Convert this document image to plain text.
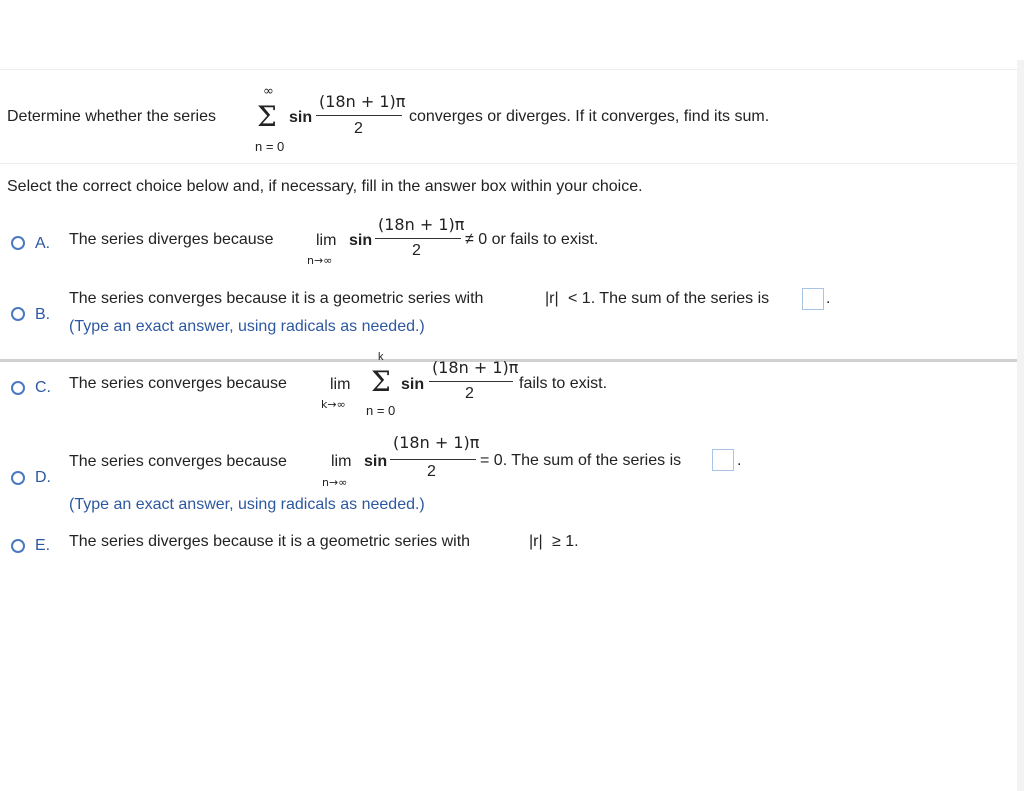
Determine whether the series
∞
Σ
n = 0
sin
(18n + 1)π
2
converges or diverges. If it converges, find its sum.
Select the correct choice below and, if necessary, fill in the answer box within your choice.
A. The series diverges because	lim
n→∞
sin
(18n + 1)π
2
≠ 0 or fails to exist.
B.
The series converges because it is a geometric series with	|r| < 1. The sum of the series is	.
(Type an exact answer, using radicals as needed.)
C. The series converges because	lim
k→∞
k
Σ
n = 0
sin
(18n + 1)π
2
fails to exist.
D.
The series converges because	lim
n→∞
sin
(18n + 1)π
2
= 0. The sum of the series is	.
(Type an exact answer, using radicals as needed.)
E. The series diverges because it is a geometric series with	|r| ≥ 1.
